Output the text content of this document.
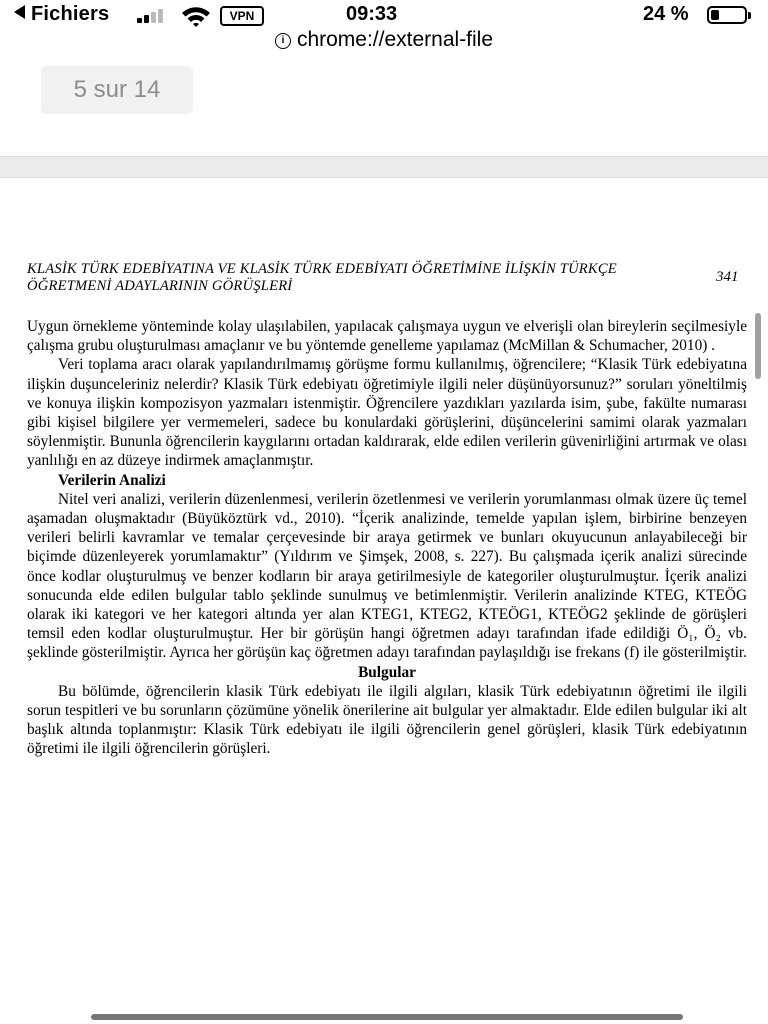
Fichiers	VPN	09:33	24 %
i chrome://external-file
5 sur 14
KLASİK TÜRK EDEBİYATINA VE KLASİK TÜRK EDEBİYATI ÖĞRETİMİNE İLİŞKİN TÜRKÇE ÖĞRETMENİ ADAYLARININ GÖRÜŞLERİ
341

Uygun örnekleme yönteminde kolay ulaşılabilen, yapılacak çalışmaya uygun ve elverişli olan bireylerin seçilmesiyle çalışma grubu oluşturulması amaçlanır ve bu yöntemde genelleme yapılamaz (McMillan & Schumacher, 2010) .

Veri toplama aracı olarak yapılandırılmamış görüşme formu kullanılmış, öğrencilere; “Klasik Türk edebiyatına ilişkin duşunceleriniz nelerdir? Klasik Türk edebiyatı öğretimiyle ilgili neler düşünüyorsunuz?” soruları yöneltilmiş ve konuya ilişkin kompozisyon yazmaları istenmiştir. Öğrencilere yazdıkları yazılarda isim, şube, fakülte numarası gibi kişisel bilgilere yer vermemeleri, sadece bu konulardaki görüşlerini, düşüncelerini samimi olarak yazmaları söylenmiştir. Bununla öğrencilerin kaygılarını ortadan kaldırarak, elde edilen verilerin güvenirliğini artırmak ve olası yanlılığı en az düzeye indirmek amaçlanmıştır.

Verilerin Analizi

Nitel veri analizi, verilerin düzenlenmesi, verilerin özetlenmesi ve verilerin yorumlanması olmak üzere üç temel aşamadan oluşmaktadır (Büyüköztürk vd., 2010). “İçerik analizinde, temelde yapılan işlem, birbirine benzeyen verileri belirli kavramlar ve temalar çerçevesinde bir araya getirmek ve bunları okuyucunun anlayabileceği bir biçimde düzenleyerek yorumlamaktır” (Yıldırım ve Şimşek, 2008, s. 227). Bu çalışmada içerik analizi sürecinde önce kodlar oluşturulmuş ve benzer kodların bir araya getirilmesiyle de kategoriler oluşturulmuştur. İçerik analizi sonucunda elde edilen bulgular tablo şeklinde sunulmuş ve betimlenmiştir. Verilerin analizinde KTEG, KTEÖG olarak iki kategori ve her kategori altında yer alan KTEG1, KTEG2, KTEÖG1, KTEÖG2 şeklinde de görüşleri temsil eden kodlar oluşturulmuştur. Her bir görüşün hangi öğretmen adayı tarafından ifade edildiği Ö₁, Ö₂ vb. şeklinde gösterilmiştir. Ayrıca her görüşün kaç öğretmen adayı tarafından paylaşıldığı ise frekans (f) ile gösterilmiştir.

Bulgular

Bu bölümde, öğrencilerin klasik Türk edebiyatı ile ilgili algıları, klasik Türk edebiyatının öğretimi ile ilgili sorun tespitleri ve bu sorunların çözümüne yönelik önerilerine ait bulgular yer almaktadır. Elde edilen bulgular iki alt başlık altında toplanmıştır: Klasik Türk edebiyatı ile ilgili öğrencilerin genel görüşleri, klasik Türk edebiyatının öğretimi ile ilgili öğrencilerin görüşleri.
